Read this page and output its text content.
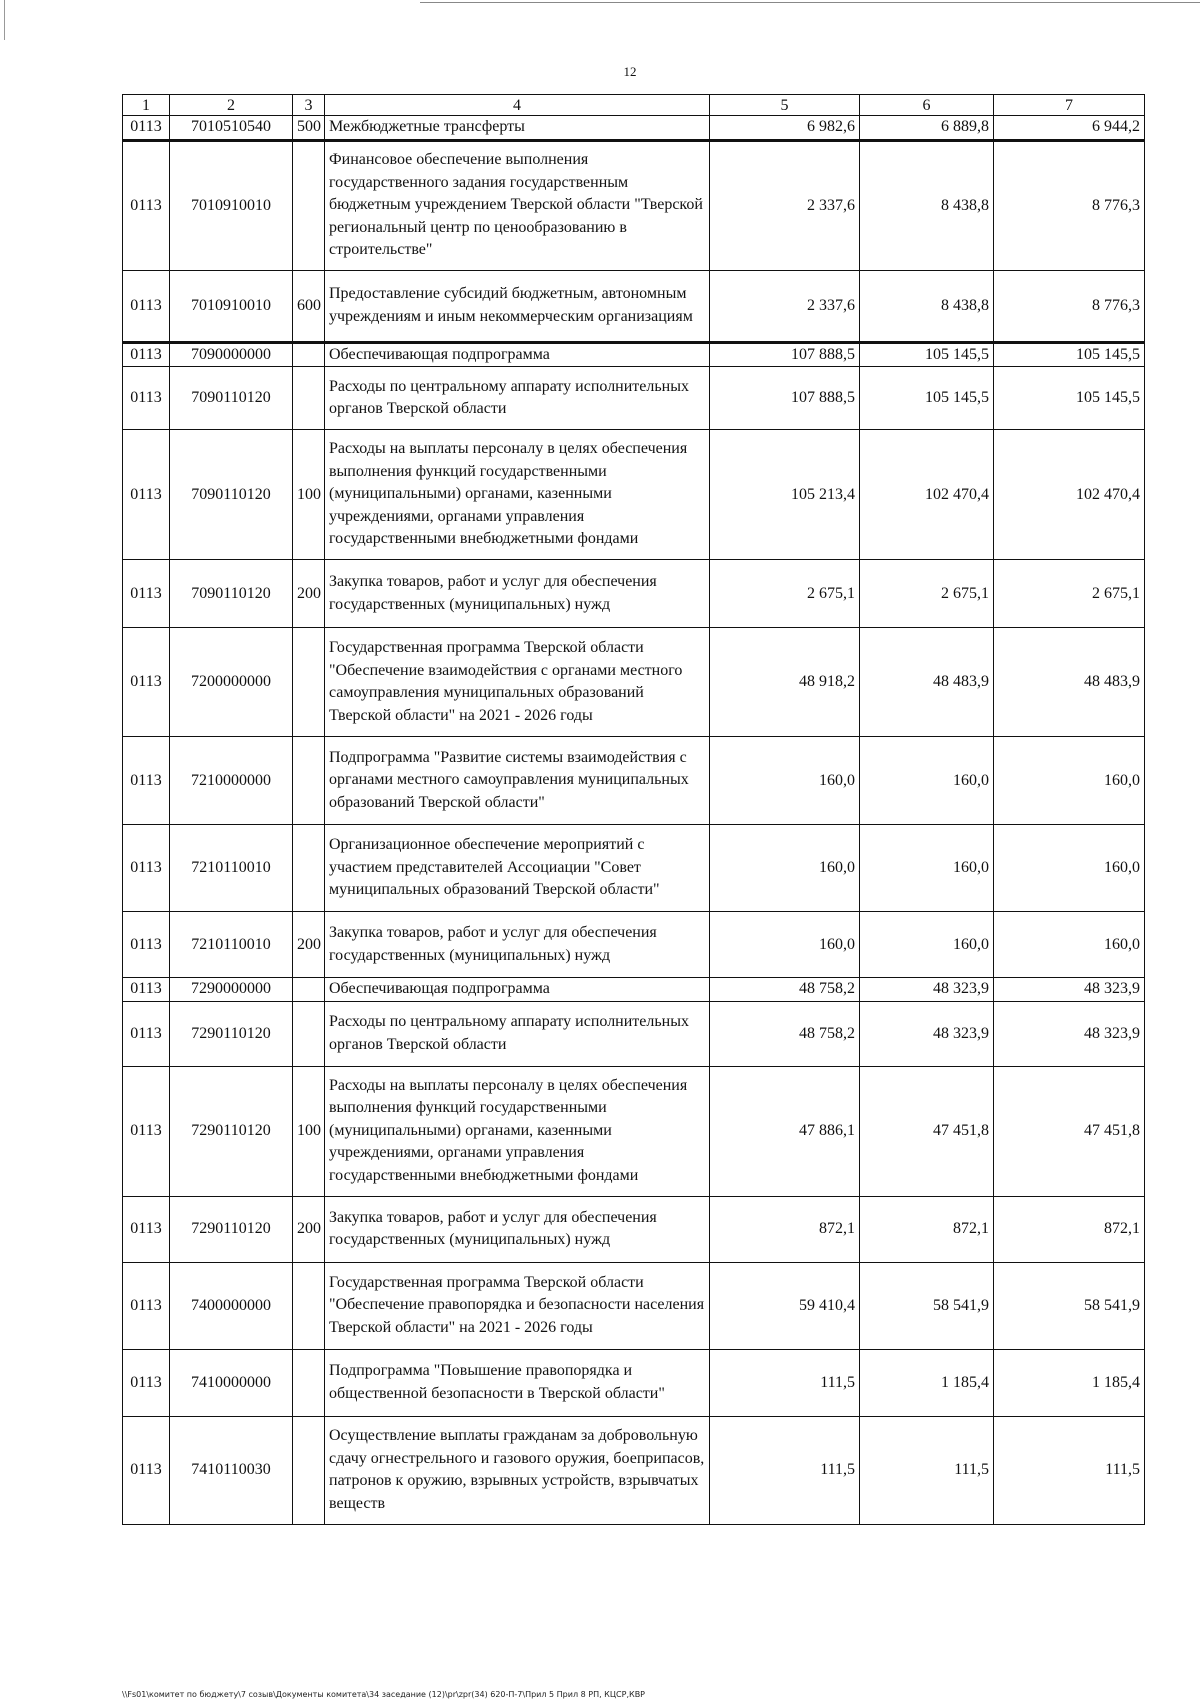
12
1	2	3	4	5	6	7
0113	7010510540	500	Межбюджетные трансферты	6 982,6	6 889,8	6 944,2
0113	7010910010		Финансовое обеспечение выполнения государственного задания государственным бюджетным учреждением Тверской области "Тверской региональный центр по ценообразованию в строительстве"	2 337,6	8 438,8	8 776,3
0113	7010910010	600	Предоставление субсидий бюджетным, автономным учреждениям и иным некоммерческим организациям	2 337,6	8 438,8	8 776,3
0113	7090000000		Обеспечивающая подпрограмма	107 888,5	105 145,5	105 145,5
0113	7090110120		Расходы по центральному аппарату исполнительных органов Тверской области	107 888,5	105 145,5	105 145,5
0113	7090110120	100	Расходы на выплаты персоналу в целях обеспечения выполнения функций государственными (муниципальными) органами, казенными учреждениями, органами управления государственными внебюджетными фондами	105 213,4	102 470,4	102 470,4
0113	7090110120	200	Закупка товаров, работ и услуг для обеспечения государственных (муниципальных) нужд	2 675,1	2 675,1	2 675,1
0113	7200000000		Государственная программа Тверской области "Обеспечение взаимодействия с органами местного самоуправления муниципальных образований Тверской области" на 2021 - 2026 годы	48 918,2	48 483,9	48 483,9
0113	7210000000		Подпрограмма "Развитие системы взаимодействия с органами местного самоуправления муниципальных образований Тверской области"	160,0	160,0	160,0
0113	7210110010		Организационное обеспечение мероприятий с участием представителей Ассоциации "Совет муниципальных образований Тверской области"	160,0	160,0	160,0
0113	7210110010	200	Закупка товаров, работ и услуг для обеспечения государственных (муниципальных) нужд	160,0	160,0	160,0
0113	7290000000		Обеспечивающая подпрограмма	48 758,2	48 323,9	48 323,9
0113	7290110120		Расходы по центральному аппарату исполнительных органов Тверской области	48 758,2	48 323,9	48 323,9
0113	7290110120	100	Расходы на выплаты персоналу в целях обеспечения выполнения функций государственными (муниципальными) органами, казенными учреждениями, органами управления государственными внебюджетными фондами	47 886,1	47 451,8	47 451,8
0113	7290110120	200	Закупка товаров, работ и услуг для обеспечения государственных (муниципальных) нужд	872,1	872,1	872,1
0113	7400000000		Государственная программа Тверской области "Обеспечение правопорядка и безопасности населения Тверской области" на 2021 - 2026 годы	59 410,4	58 541,9	58 541,9
0113	7410000000		Подпрограмма "Повышение правопорядка и общественной безопасности в Тверской области"	111,5	1 185,4	1 185,4
0113	7410110030		Осуществление выплаты гражданам за добровольную сдачу огнестрельного и газового оружия, боеприпасов, патронов к оружию, взрывных устройств, взрывчатых веществ	111,5	111,5	111,5
\\Fs01\комитет по бюджету\7 созыв\Документы комитета\34 заседание (12)\pr\zpr(34) 620-П-7\Прил 5 Прил 8 РП, КЦСР,КВР
